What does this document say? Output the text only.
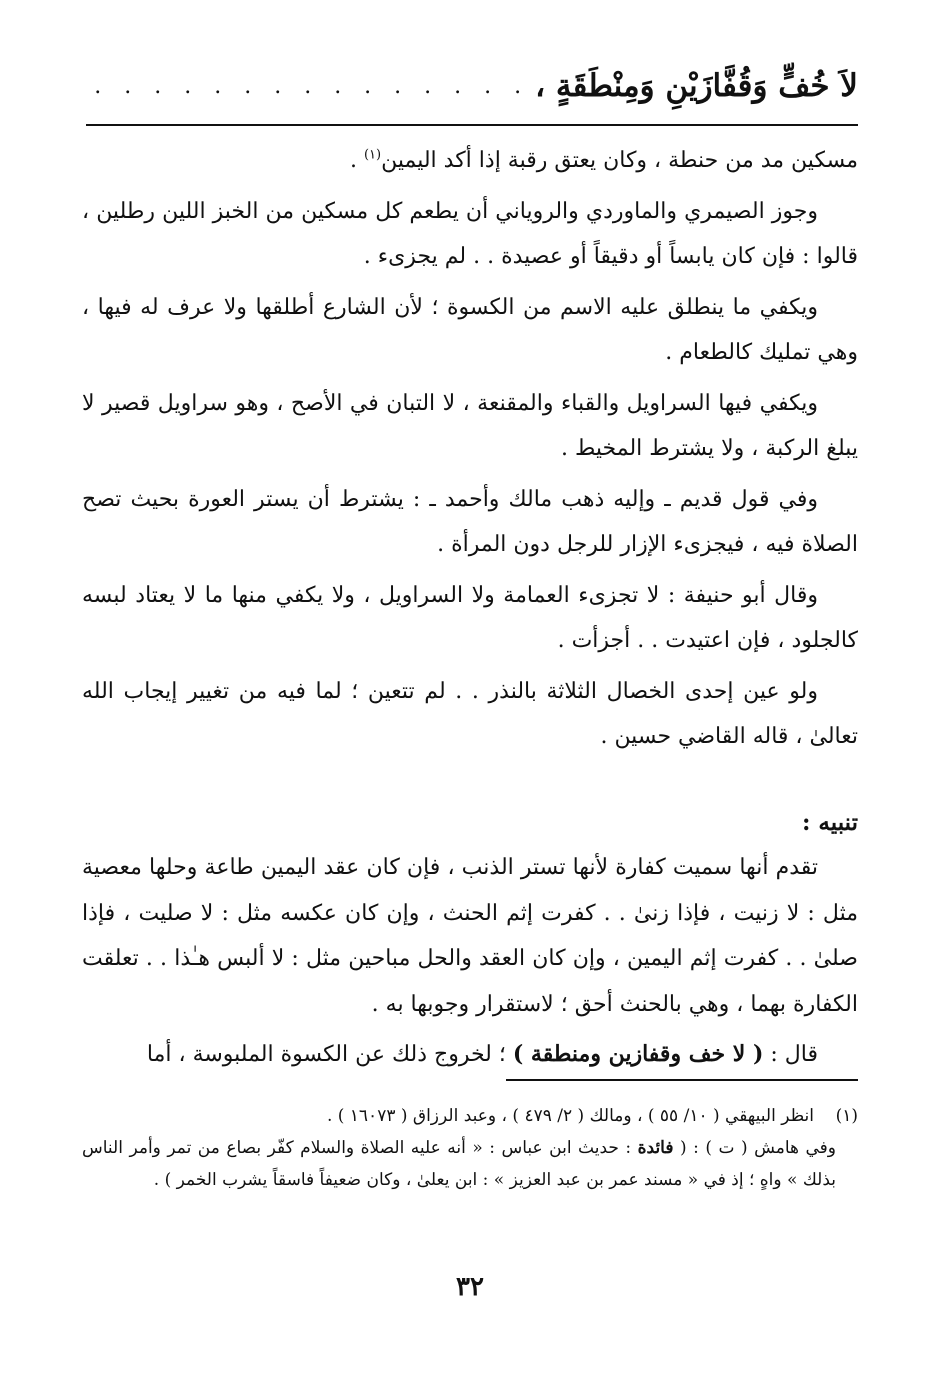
لاَ خُفٍّ وَقُفَّازَيْنِ وَمِنْطَقَةٍ ،
. . . . . . . . . . . . . . .

مسكين مد من حنطة ، وكان يعتق رقبة إذا أكد اليمين$^{(١)}$ .

وجوز الصيمري والماوردي والروياني أن يطعم كل مسكين من الخبز اللين رطلين ، قالوا : فإن كان يابساً أو دقيقاً أو عصيدة . . لم يجزىء .

ويكفي ما ينطلق عليه الاسم من الكسوة ؛ لأن الشارع أطلقها ولا عرف له فيها ، وهي تمليك كالطعام .

ويكفي فيها السراويل والقباء والمقنعة ، لا التبان في الأصح ، وهو سراويل قصير لا يبلغ الركبة ، ولا يشترط المخيط .

وفي قول قديم ـ وإليه ذهب مالك وأحمد ـ : يشترط أن يستر العورة بحيث تصح الصلاة فيه ، فيجزىء الإزار للرجل دون المرأة .

وقال أبو حنيفة : لا تجزىء العمامة ولا السراويل ، ولا يكفي منها ما لا يعتاد لبسه كالجلود ، فإن اعتيدت . . أجزأت .

ولو عين إحدى الخصال الثلاثة بالنذر . . لم تتعين ؛ لما فيه من تغيير إيجاب الله تعالىٰ ، قاله القاضي حسين .

تنبيه :

تقدم أنها سميت كفارة لأنها تستر الذنب ، فإن كان عقد اليمين طاعة وحلها معصية مثل : لا زنيت ، فإذا زنىٰ . . كفرت إثم الحنث ، وإن كان عكسه مثل : لا صليت ، فإذا صلىٰ . . كفرت إثم اليمين ، وإن كان العقد والحل مباحين مثل : لا ألبس هـٰذا . . تعلقت الكفارة بهما ، وهي بالحنث أحق ؛ لاستقرار وجوبها به .

قال : ( لا خف وقفازين ومنطقة ) ؛ لخروج ذلك عن الكسوة الملبوسة ، أما

(١)انظر البيهقي ( ١٠/ ٥٥ ) ، ومالك ( ٢/ ٤٧٩ ) ، وعبد الرزاق ( ١٦٠٧٣ ) .

وفي هامش ( ت ) : ( فائدة : حديث ابن عباس : « أنه عليه الصلاة والسلام كفّر بصاع من تمر وأمر الناس بذلك » واهٍ ؛ إذ في « مسند عمر بن عبد العزيز » : ابن يعلىٰ ، وكان ضعيفاً فاسقاً يشرب الخمر ) .

٣٢
